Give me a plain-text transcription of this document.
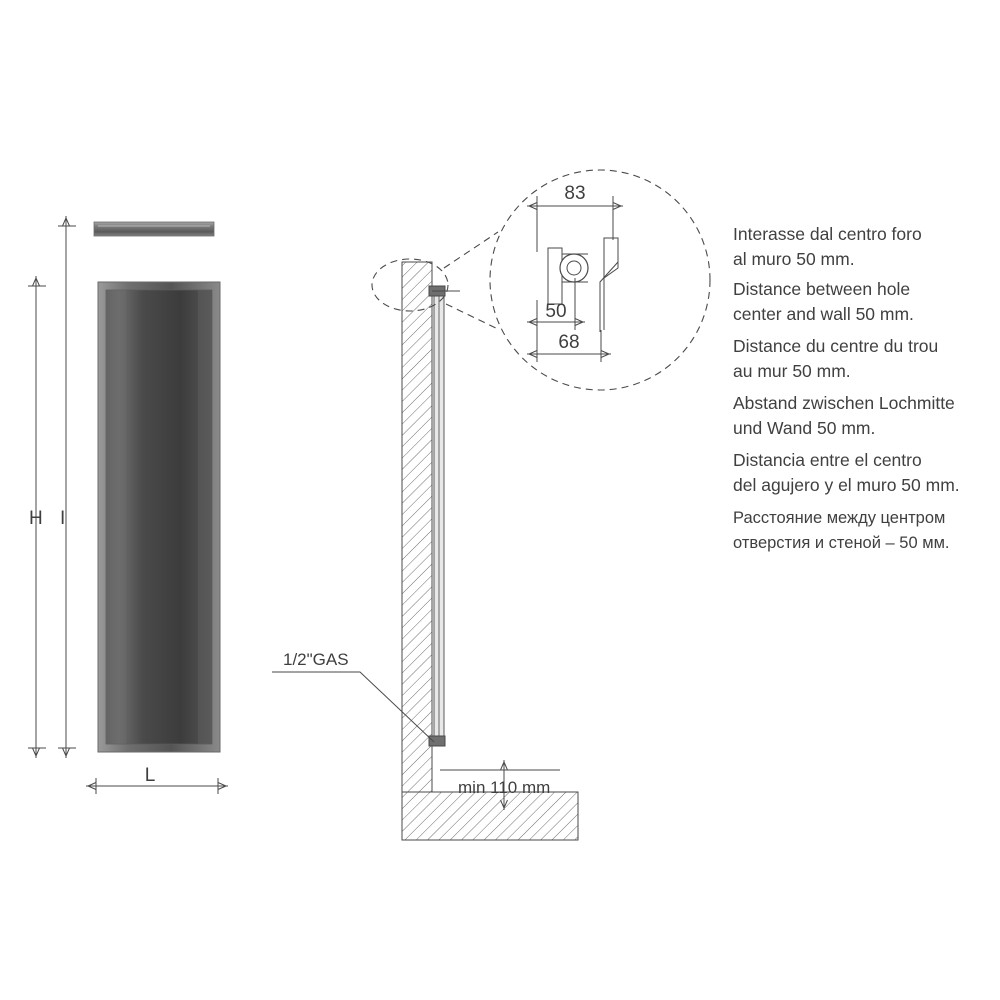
H I
L
1/2"GAS
min 110 mm
83
50
68
Interasse dal centro foro
al muro 50 mm.
Distance between hole
center and wall 50 mm.
Distance du centre du trou
au mur 50 mm.
Abstand zwischen Lochmitte
und Wand 50 mm.
Distancia entre el centro
del agujero y el muro 50 mm.
Расстояние между центром
отверстия и стеной – 50 мм.
